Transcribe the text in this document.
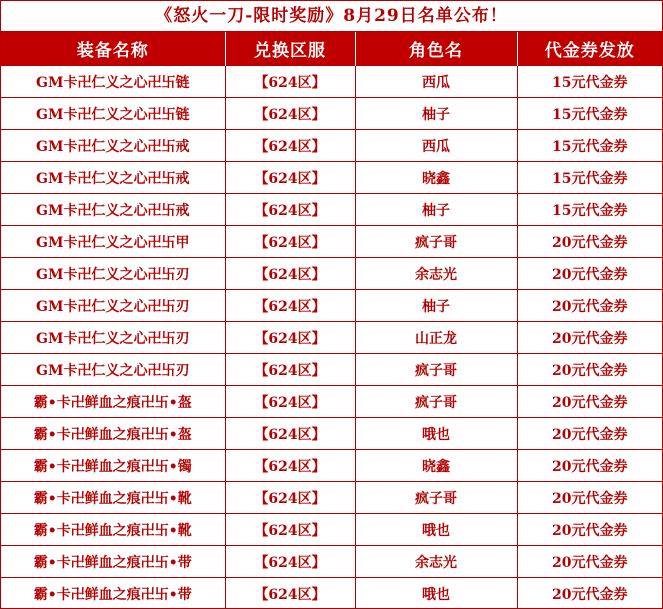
《怒火一刀-限时奖励》8月29日名单公布！
装备名称	兑换区服	角色名	代金券发放
GM卡卍仁义之心卍卐链	【624区】	西瓜	15元代金券
GM卡卍仁义之心卍卐链	【624区】	柚子	15元代金券
GM卡卍仁义之心卍卐戒	【624区】	西瓜	15元代金券
GM卡卍仁义之心卍卐戒	【624区】	晓鑫	15元代金券
GM卡卍仁义之心卍卐戒	【624区】	柚子	15元代金券
GM卡卍仁义之心卍卐甲	【624区】	疯子哥	20元代金券
GM卡卍仁义之心卍卐刃	【624区】	余志光	20元代金券
GM卡卍仁义之心卍卐刃	【624区】	柚子	20元代金券
GM卡卍仁义之心卍卐刃	【624区】	山正龙	20元代金券
GM卡卍仁义之心卍卐刃	【624区】	疯子哥	20元代金券
霸•卡卍鲜血之痕卍卐•盔	【624区】	疯子哥	20元代金券
霸•卡卍鲜血之痕卍卐•盔	【624区】	哦也	20元代金券
霸•卡卍鲜血之痕卍卐•镯	【624区】	晓鑫	20元代金券
霸•卡卍鲜血之痕卍卐•靴	【624区】	疯子哥	20元代金券
霸•卡卍鲜血之痕卍卐•靴	【624区】	哦也	20元代金券
霸•卡卍鲜血之痕卍卐•带	【624区】	余志光	20元代金券
霸•卡卍鲜血之痕卍卐•带	【624区】	哦也	20元代金券
